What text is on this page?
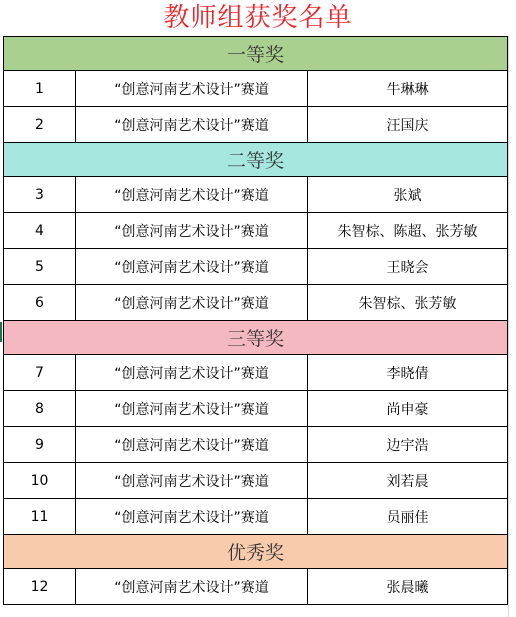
教师组获奖名单
一等奖		
1	“创意河南艺术设计”赛道	牛琳琳
2	“创意河南艺术设计”赛道	汪国庆
二等奖		
3	“创意河南艺术设计”赛道	张斌
4	“创意河南艺术设计”赛道	朱智棕、陈超、张芳敏
5	“创意河南艺术设计”赛道	王晓会
6	“创意河南艺术设计”赛道	朱智棕、张芳敏
三等奖		
7	“创意河南艺术设计”赛道	李晓倩
8	“创意河南艺术设计”赛道	尚申豪
9	“创意河南艺术设计”赛道	边宇浩
10	“创意河南艺术设计”赛道	刘若晨
11	“创意河南艺术设计”赛道	员丽佳
优秀奖		
12	“创意河南艺术设计”赛道	张晨曦
